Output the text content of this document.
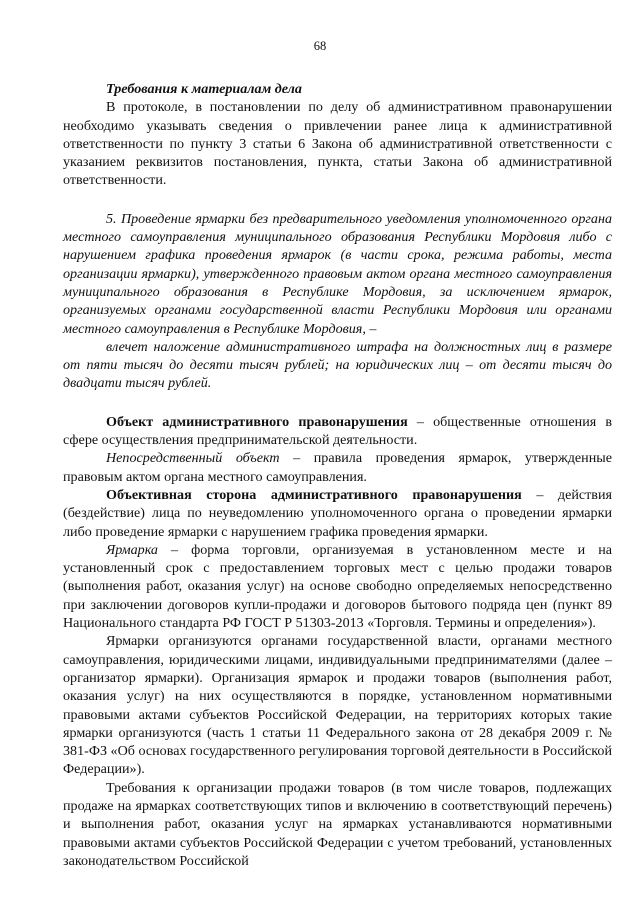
68

Требования к материалам дела

В протоколе, в постановлении по делу об административном правонарушении необходимо указывать сведения о привлечении ранее лица к административной ответственности по пункту 3 статьи 6 Закона об административной ответственности с указанием реквизитов постановления, пункта, статьи Закона об административной ответственности.

5. Проведение ярмарки без предварительного уведомления уполномоченного органа местного самоуправления муниципального образования Республики Мордовия либо с нарушением графика проведения ярмарок (в части срока, режима работы, места организации ярмарки), утвержденного правовым актом органа местного самоуправления муниципального образования в Республике Мордовия, за исключением ярмарок, организуемых органами государственной власти Республики Мордовия или органами местного самоуправления в Республике Мордовия, –

влечет наложение административного штрафа на должностных лиц в размере от пяти тысяч до десяти тысяч рублей; на юридических лиц – от десяти тысяч до двадцати тысяч рублей.

Объект административного правонарушения – общественные отношения в сфере осуществления предпринимательской деятельности.

Непосредственный объект – правила проведения ярмарок, утвержденные правовым актом органа местного самоуправления.

Объективная сторона административного правонарушения – действия (бездействие) лица по неуведомлению уполномоченного органа о проведении ярмарки либо проведение ярмарки с нарушением графика проведения ярмарки.

Ярмарка – форма торговли, организуемая в установленном месте и на установленный срок с предоставлением торговых мест с целью продажи товаров (выполнения работ, оказания услуг) на основе свободно определяемых непосредственно при заключении договоров купли-продажи и договоров бытового подряда цен (пункт 89 Национального стандарта РФ ГОСТ Р 51303-2013 «Торговля. Термины и определения»).

Ярмарки организуются органами государственной власти, органами местного самоуправления, юридическими лицами, индивидуальными предпринимателями (далее – организатор ярмарки). Организация ярмарок и продажи товаров (выполнения работ, оказания услуг) на них осуществляются в порядке, установленном нормативными правовыми актами субъектов Российской Федерации, на территориях которых такие ярмарки организуются (часть 1 статьи 11 Федерального закона от 28 декабря 2009 г. № 381-ФЗ «Об основах государственного регулирования торговой деятельности в Российской Федерации»).

Требования к организации продажи товаров (в том числе товаров, подлежащих продаже на ярмарках соответствующих типов и включению в соответствующий перечень) и выполнения работ, оказания услуг на ярмарках устанавливаются нормативными правовыми актами субъектов Российской Федерации с учетом требований, установленных законодательством Российской
